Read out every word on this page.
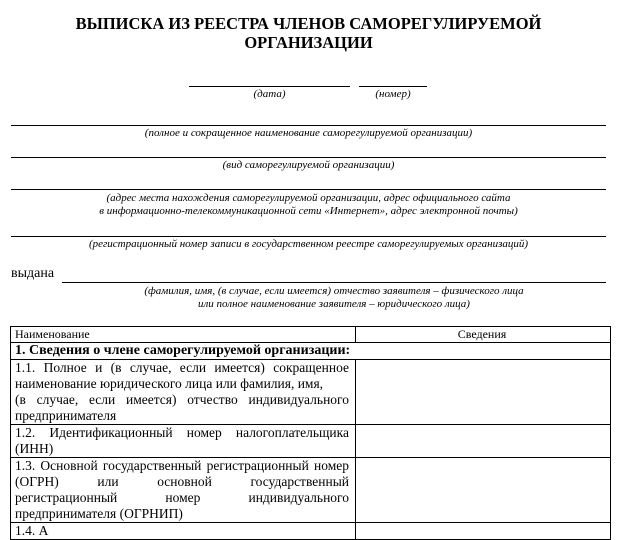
ВЫПИСКА ИЗ РЕЕСТРА ЧЛЕНОВ САМОРЕГУЛИРУЕМОЙ
ОРГАНИЗАЦИИ
(дата)	(номер)
(полное и сокращенное наименование саморегулируемой организации)
(вид саморегулируемой организации)
(адрес места нахождения саморегулируемой организации, адрес официального сайта
в информационно-телекоммуникационной сети «Интернет», адрес электронной почты)
(регистрационный номер записи в государственном реестре саморегулируемых организаций)
выдана
(фамилия, имя, (в случае, если имеется) отчество заявителя – физического лица
или полное наименование заявителя – юридического лица)
Наименование	Сведения
1. Сведения о члене саморегулируемой организации:	

1.1. Полное и (в случае, если имеется) сокращенное
наименование юридического лица или фамилия, имя,
(в случае, если имеется) отчество индивидуального
предпринимателя	

1.2. Идентификационный номер налогоплательщика
(ИНН)	

1.3. Основной государственный регистрационный номер
(ОГРН) или основной государственный
регистрационный номер индивидуального
предпринимателя (ОГРНИП)	

1.4. А	
